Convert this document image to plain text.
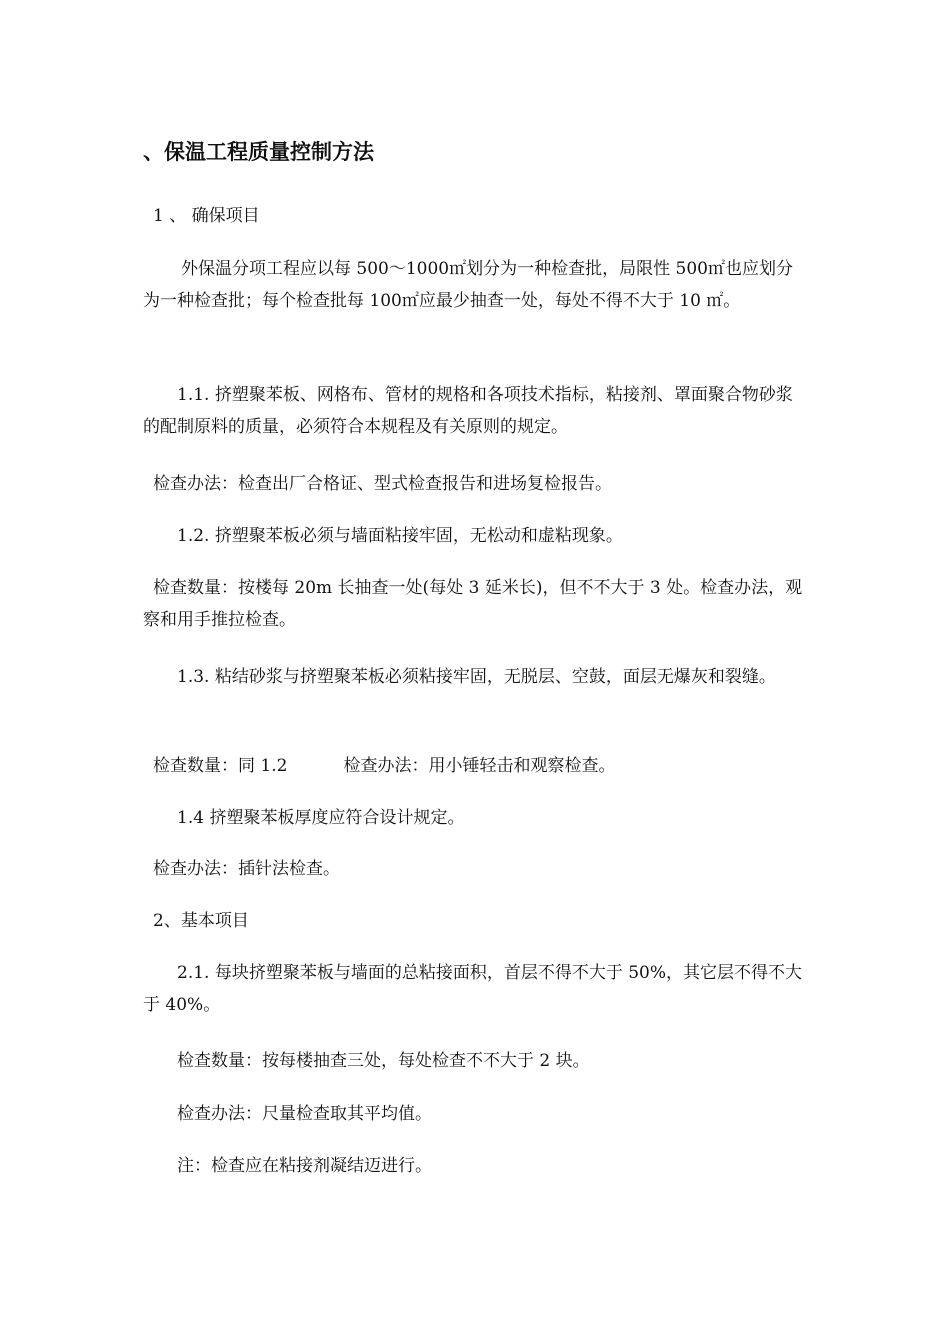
、保温工程质量控制方法

1 、 确保项目

外保温分项工程应以每 500～1000㎡划分为一种检查批，局限性 500㎡也应划分为一种检查批；每个检查批每 100㎡应最少抽查一处，每处不得不大于 10 ㎡。

1.1. 挤塑聚苯板、网格布、管材的规格和各项技术指标，粘接剂、罩面聚合物砂浆的配制原料的质量，必须符合本规程及有关原则的规定。

检查办法：检查出厂合格证、型式检查报告和进场复检报告。

1.2. 挤塑聚苯板必须与墙面粘接牢固，无松动和虚粘现象。

检查数量：按楼每 20m 长抽查一处(每处 3 延米长)，但不不大于 3 处。检查办法，观察和用手推拉检查。

1.3. 粘结砂浆与挤塑聚苯板必须粘接牢固，无脱层、空鼓，面层无爆灰和裂缝。

检查数量：同 1.2	检查办法：用小锤轻击和观察检查。

1.4 挤塑聚苯板厚度应符合设计规定。

检查办法：插针法检查。

2、基本项目

2.1. 每块挤塑聚苯板与墙面的总粘接面积，首层不得不大于 50%，其它层不得不大于 40%。

检查数量：按每楼抽查三处，每处检查不不大于 2 块。

检查办法：尺量检查取其平均值。

注：检查应在粘接剂凝结迈进行。
